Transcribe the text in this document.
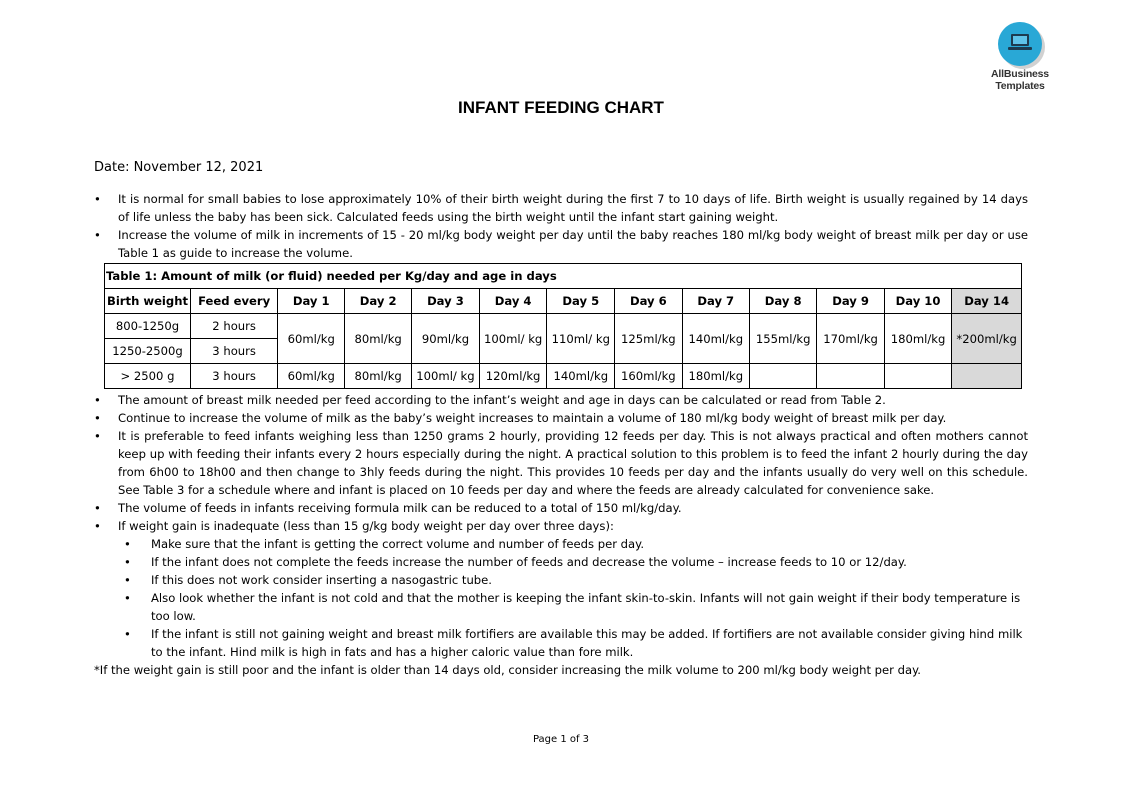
AllBusiness
Templates
INFANT FEEDING CHART
Date: November 12, 2021
• It is normal for small babies to lose approximately 10% of their birth weight during the first 7 to 10 days of life. Birth weight is usually regained by 14 days of life unless the baby has been sick. Calculated feeds using the birth weight until the infant start gaining weight.
• Increase the volume of milk in increments of 15 - 20 ml/kg body weight per day until the baby reaches 180 ml/kg body weight of breast milk per day or use Table 1 as guide to increase the volume.
Table 1: Amount of milk (or fluid) needed per Kg/day and age in days												
Birth weight	Feed every	Day 1	Day 2	Day 3	Day 4	Day 5	Day 6	Day 7	Day 8	Day 9	Day 10	Day 14
800-1250g	2 hours	60ml/kg	80ml/kg	90ml/kg	100ml/ kg	110ml/ kg	125ml/kg	140ml/kg	155ml/kg	170ml/kg	180ml/kg	*200ml/kg
1250-2500g	3 hours											
> 2500 g	3 hours	60ml/kg	80ml/kg	100ml/ kg	120ml/kg	140ml/kg	160ml/kg	180ml/kg				
• The amount of breast milk needed per feed according to the infant’s weight and age in days can be calculated or read from Table 2.
• Continue to increase the volume of milk as the baby’s weight increases to maintain a volume of 180 ml/kg body weight of breast milk per day.
• It is preferable to feed infants weighing less than 1250 grams 2 hourly, providing 12 feeds per day. This is not always practical and often mothers cannot keep up with feeding their infants every 2 hours especially during the night. A practical solution to this problem is to feed the infant 2 hourly during the day from 6h00 to 18h00 and then change to 3hly feeds during the night. This provides 10 feeds per day and the infants usually do very well on this schedule. See Table 3 for a schedule where and infant is placed on 10 feeds per day and where the feeds are already calculated for convenience sake.
• The volume of feeds in infants receiving formula milk can be reduced to a total of 150 ml/kg/day.
• If weight gain is inadequate (less than 15 g/kg body weight per day over three days):
• Make sure that the infant is getting the correct volume and number of feeds per day.
• If the infant does not complete the feeds increase the number of feeds and decrease the volume – increase feeds to 10 or 12/day.
• If this does not work consider inserting a nasogastric tube.
• Also look whether the infant is not cold and that the mother is keeping the infant skin-to-skin. Infants will not gain weight if their body temperature is too low.
• If the infant is still not gaining weight and breast milk fortifiers are available this may be added. If fortifiers are not available consider giving hind milk to the infant. Hind milk is high in fats and has a higher caloric value than fore milk.
*If the weight gain is still poor and the infant is older than 14 days old, consider increasing the milk volume to 200 ml/kg body weight per day.
Page 1 of 3
